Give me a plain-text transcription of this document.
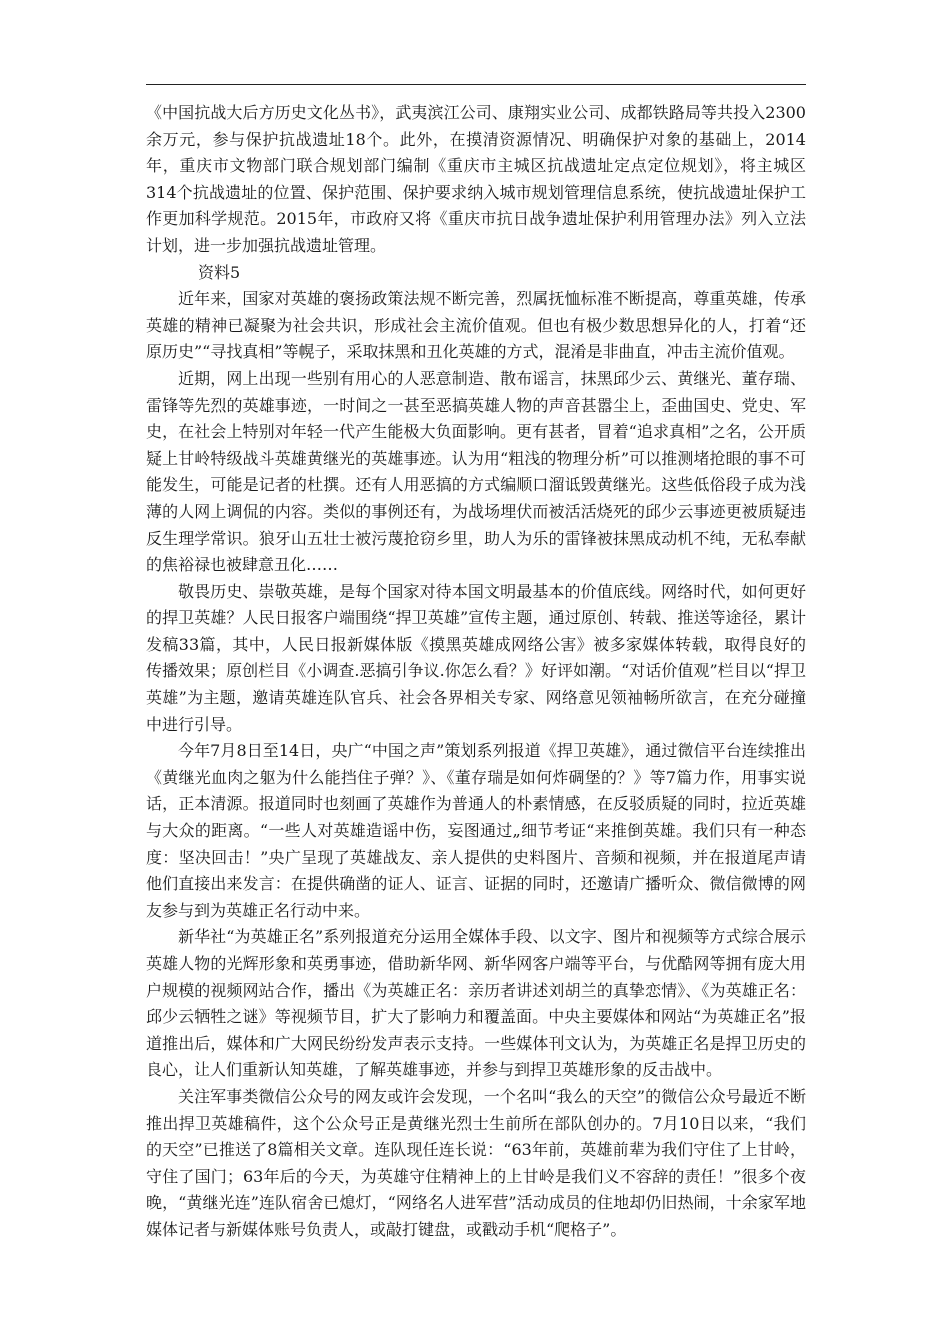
《中国抗战大后方历史文化丛书》，武夷滨江公司、康翔实业公司、成都铁路局等共投入2300余万元，参与保护抗战遗址18个。此外，在摸清资源情况、明确保护对象的基础上，2014年，重庆市文物部门联合规划部门编制《重庆市主城区抗战遗址定点定位规划》，将主城区314个抗战遗址的位置、保护范围、保护要求纳入城市规划管理信息系统，使抗战遗址保护工作更加科学规范。2015年，市政府又将《重庆市抗日战争遗址保护利用管理办法》列入立法计划，进一步加强抗战遗址管理。

资料5

近年来，国家对英雄的褒扬政策法规不断完善，烈属抚恤标准不断提高，尊重英雄，传承英雄的精神已凝聚为社会共识，形成社会主流价值观。但也有极少数思想异化的人，打着“还原历史”“寻找真相”等幌子，采取抹黑和丑化英雄的方式，混淆是非曲直，冲击主流价值观。

近期，网上出现一些别有用心的人恶意制造、散布谣言，抹黑邱少云、黄继光、董存瑞、雷锋等先烈的英雄事迹，一时间之一甚至恶搞英雄人物的声音甚嚣尘上，歪曲国史、党史、军史，在社会上特别对年轻一代产生能极大负面影响。更有甚者，冒着“追求真相”之名，公开质疑上甘岭特级战斗英雄黄继光的英雄事迹。认为用“粗浅的物理分析”可以推测堵抢眼的事不可能发生，可能是记者的杜撰。还有人用恶搞的方式编顺口溜诋毁黄继光。这些低俗段子成为浅薄的人网上调侃的内容。类似的事例还有，为战场埋伏而被活活烧死的邱少云事迹更被质疑违反生理学常识。狼牙山五壮士被污蔑抢窃乡里，助人为乐的雷锋被抹黑成动机不纯，无私奉献的焦裕禄也被肆意丑化……

敬畏历史、崇敬英雄，是每个国家对待本国文明最基本的价值底线。网络时代，如何更好的捍卫英雄？人民日报客户端围绕“捍卫英雄”宣传主题，通过原创、转载、推送等途径，累计发稿33篇，其中，人民日报新媒体版《摸黑英雄成网络公害》被多家媒体转载，取得良好的传播效果；原创栏目《小调查.恶搞引争议.你怎么看？》好评如潮。“对话价值观”栏目以“捍卫英雄”为主题，邀请英雄连队官兵、社会各界相关专家、网络意见领袖畅所欲言，在充分碰撞中进行引导。

今年7月8日至14日，央广“中国之声”策划系列报道《捍卫英雄》，通过微信平台连续推出《黄继光血肉之躯为什么能挡住子弹？》、《董存瑞是如何炸碉堡的？》等7篇力作，用事实说话，正本清源。报道同时也刻画了英雄作为普通人的朴素情感，在反驳质疑的同时，拉近英雄与大众的距离。“一些人对英雄造谣中伤，妄图通过„细节考证“来推倒英雄。我们只有一种态度：坚决回击！”央广呈现了英雄战友、亲人提供的史料图片、音频和视频，并在报道尾声请他们直接出来发言：在提供确凿的证人、证言、证据的同时，还邀请广播听众、微信微博的网友参与到为英雄正名行动中来。

新华社“为英雄正名”系列报道充分运用全媒体手段、以文字、图片和视频等方式综合展示英雄人物的光辉形象和英勇事迹，借助新华网、新华网客户端等平台，与优酷网等拥有庞大用户规模的视频网站合作，播出《为英雄正名：亲历者讲述刘胡兰的真挚恋情》、《为英雄正名：邱少云牺牲之谜》等视频节目，扩大了影响力和覆盖面。中央主要媒体和网站“为英雄正名”报道推出后，媒体和广大网民纷纷发声表示支持。一些媒体刊文认为，为英雄正名是捍卫历史的良心，让人们重新认知英雄，了解英雄事迹，并参与到捍卫英雄形象的反击战中。

关注军事类微信公众号的网友或许会发现，一个名叫“我么的天空”的微信公众号最近不断推出捍卫英雄稿件，这个公众号正是黄继光烈士生前所在部队创办的。7月10日以来，“我们的天空”已推送了8篇相关文章。连队现任连长说：“63年前，英雄前辈为我们守住了上甘岭，守住了国门；63年后的今天，为英雄守住精神上的上甘岭是我们义不容辞的责任！”很多个夜晚，“黄继光连”连队宿舍已熄灯，“网络名人进军营”活动成员的住地却仍旧热闹，十余家军地媒体记者与新媒体账号负责人，或敲打键盘，或戳动手机“爬格子”。
